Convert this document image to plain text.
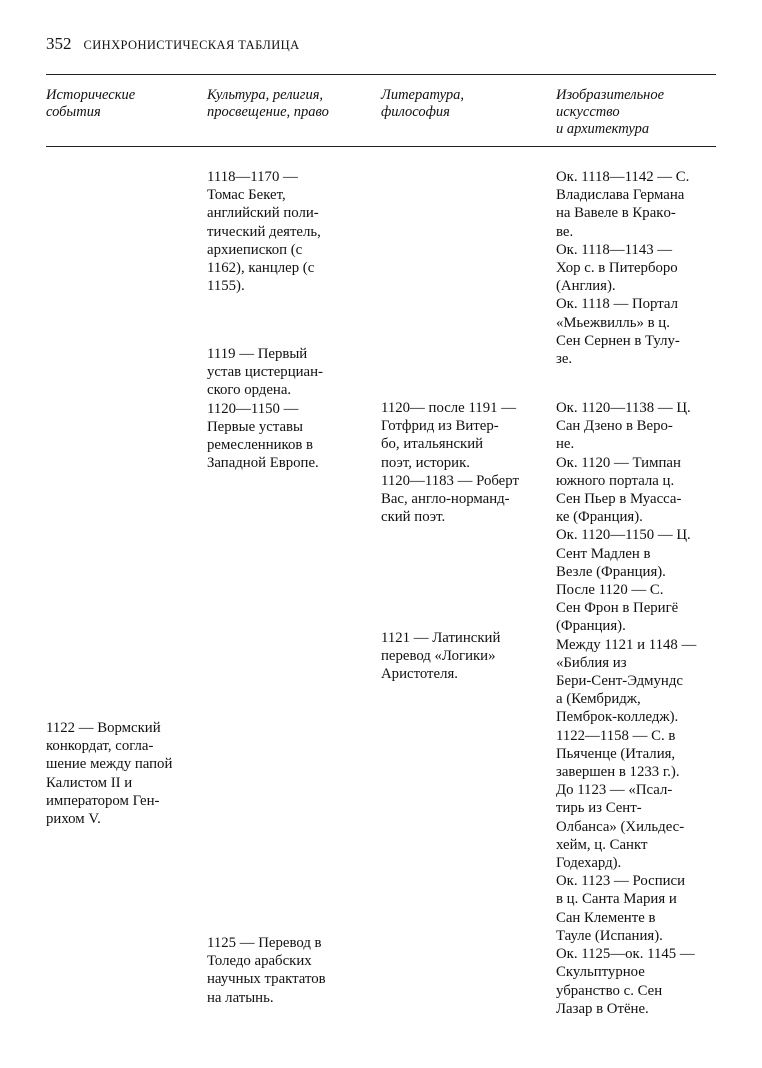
352 СИНХРОНИСТИЧЕСКАЯ ТАБЛИЦА
Исторические
события
Культура, религия,
просвещение, право
Литература,
философия
Изобразительное
искусство
и архитектура
1122 — Вормский
конкордат, согла-
шение между папой
Калистом II и
императором Ген-
рихом V.
1118—1170 —
Томас Бекет,
английский поли-
тический деятель,
архиепископ (с
1162), канцлер (с
1155).
1119 — Первый
устав цистерциан-
ского ордена.
1120—1150 —
Первые уставы
ремесленников в
Западной Европе.
1125 — Перевод в
Толедо арабских
научных трактатов
на латынь.
1120— после 1191 —
Готфрид из Витер-
бо, итальянский
поэт, историк.
1120—1183 — Роберт
Вас, англо-норманд-
ский поэт.
1121 — Латинский
перевод «Логики»
Аристотеля.
Ок. 1118—1142 — С.
Владислава Германа
на Вавеле в Кракo-
ве.
Ок. 1118—1143 —
Хор с. в Питерборо
(Англия).
Ок. 1118 — Портал
«Мьежвилль» в ц.
Сен Сернен в Тулу-
зе.
Ок. 1120—1138 — Ц.
Сан Дзено в Веро-
не.
Ок. 1120 — Тимпан
южного портала ц.
Сен Пьер в Муасса-
ке (Франция).
Ок. 1120—1150 — Ц.
Сент Мадлен в
Везле (Франция).
После 1120 — С.
Сен Фрон в Перигё
(Франция).
Между 1121 и 1148 —
«Библия из
Бери-Сент-Эдмундс
а (Кембридж,
Пемброк-колледж).
1122—1158 — С. в
Пьяченце (Италия,
завершен в 1233 г.).
До 1123 — «Псал-
тирь из Сент-
Олбанса» (Хильдес-
хейм, ц. Санкт
Годехард).
Ок. 1123 — Росписи
в ц. Санта Мария и
Сан Клементе в
Тауле (Испания).
Ок. 1125—ок. 1145 —
Скульптурное
убранство с. Сен
Лазар в Отёне.
